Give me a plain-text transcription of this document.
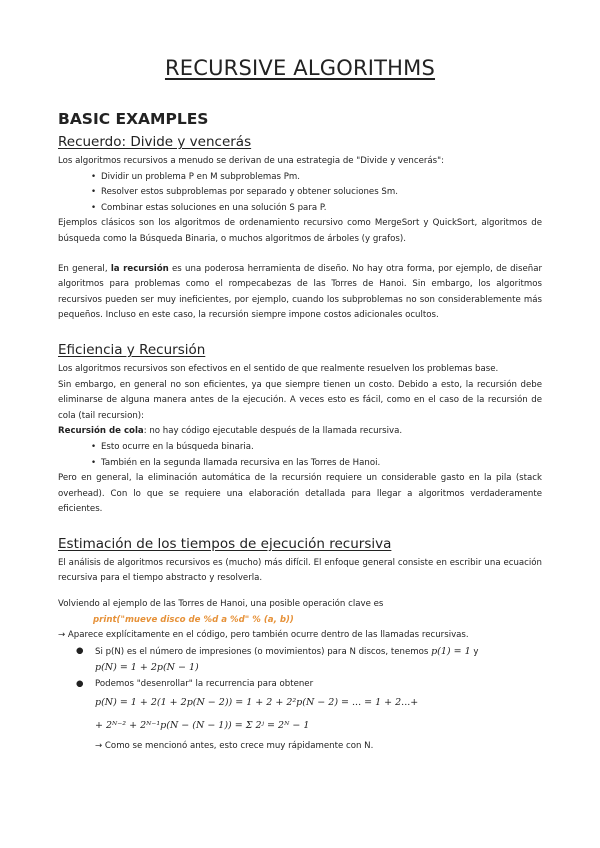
RECURSIVE ALGORITHMS
BASIC EXAMPLES
Recuerdo: Divide y vencerás

Los algoritmos recursivos a menudo se derivan de una estrategia de "Divide y vencerás":

• Dividir un problema P en M subproblemas Pm.
• Resolver estos subproblemas por separado y obtener soluciones Sm.
• Combinar estas soluciones en una solución S para P.

Ejemplos clásicos son los algoritmos de ordenamiento recursivo como MergeSort y QuickSort, algoritmos de búsqueda como la Búsqueda Binaria, o muchos algoritmos de árboles (y grafos).

En general, la recursión es una poderosa herramienta de diseño. No hay otra forma, por ejemplo, de diseñar algoritmos para problemas como el rompecabezas de las Torres de Hanoi. Sin embargo, los algoritmos recursivos pueden ser muy ineficientes, por ejemplo, cuando los subproblemas no son considerablemente más pequeños. Incluso en este caso, la recursión siempre impone costos adicionales ocultos.

Eficiencia y Recursión

Los algoritmos recursivos son efectivos en el sentido de que realmente resuelven los problemas base.

Sin embargo, en general no son eficientes, ya que siempre tienen un costo. Debido a esto, la recursión debe eliminarse de alguna manera antes de la ejecución. A veces esto es fácil, como en el caso de la recursión de cola (tail recursion):

Recursión de cola: no hay código ejecutable después de la llamada recursiva.

• Esto ocurre en la búsqueda binaria.
• También en la segunda llamada recursiva en las Torres de Hanoi.

Pero en general, la eliminación automática de la recursión requiere un considerable gasto en la pila (stack overhead). Con lo que se requiere una elaboración detallada para llegar a algoritmos verdaderamente eficientes.

Estimación de los tiempos de ejecución recursiva

El análisis de algoritmos recursivos es (mucho) más difícil. El enfoque general consiste en escribir una ecuación recursiva para el tiempo abstracto y resolverla.

Volviendo al ejemplo de las Torres de Hanoi, una posible operación clave es

print("mueve disco de %d a %d" % (a, b))

→ Aparece explícitamente en el código, pero también ocurre dentro de las llamadas recursivas.

● Si p(N) es el número de impresiones (o movimientos) para N discos, tenemos p(1) = 1 y
p(N) = 1 + 2p(N − 1)
● Podemos "desenrollar" la recurrencia para obtener
p(N) = 1 + 2(1 + 2p(N − 2)) = 1 + 2 + 2²p(N − 2) = ... = 1 + 2...+
+ 2ᴺ⁻² + 2ᴺ⁻¹p(N − (N − 1)) = Σ 2ʲ = 2ᴺ − 1
→ Como se mencionó antes, esto crece muy rápidamente con N.
